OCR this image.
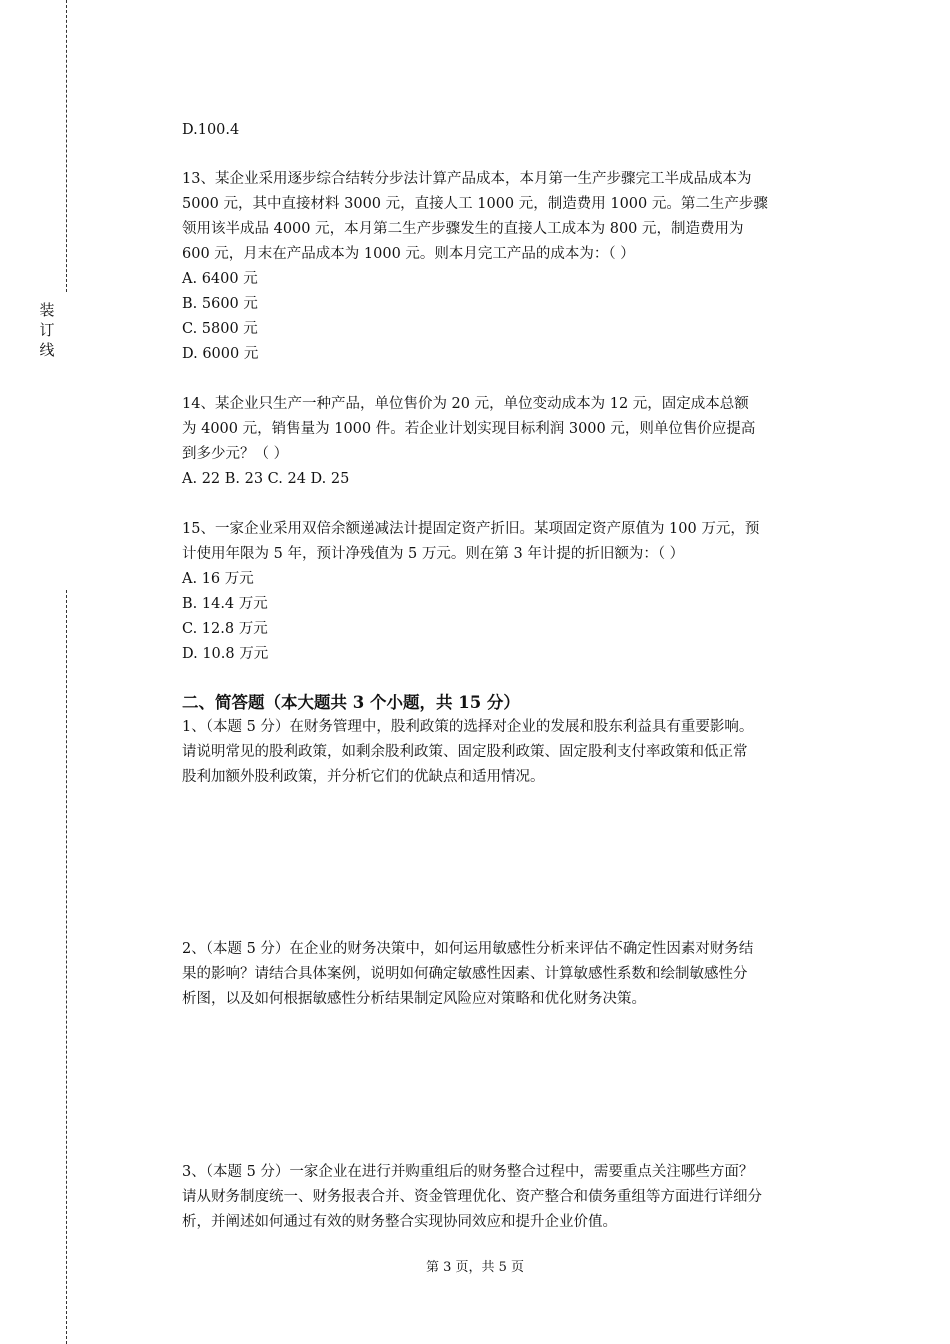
装
订
线
D.100.4
13、某企业采用逐步综合结转分步法计算产品成本，本月第一生产步骤完工半成品成本为
5000 元，其中直接材料 3000 元，直接人工 1000 元，制造费用 1000 元。第二生产步骤
领用该半成品 4000 元，本月第二生产步骤发生的直接人工成本为 800 元，制造费用为
600 元，月末在产品成本为 1000 元。则本月完工产品的成本为：（ ）
A. 6400 元
B. 5600 元
C. 5800 元
D. 6000 元
14、某企业只生产一种产品，单位售价为 20 元，单位变动成本为 12 元，固定成本总额
为 4000 元，销售量为 1000 件。若企业计划实现目标利润 3000 元，则单位售价应提高
到多少元？（ ）
A. 22 B. 23 C. 24 D. 25
15、一家企业采用双倍余额递减法计提固定资产折旧。某项固定资产原值为 100 万元，预
计使用年限为 5 年，预计净残值为 5 万元。则在第 3 年计提的折旧额为：（ ）
A. 16 万元
B. 14.4 万元
C. 12.8 万元
D. 10.8 万元
二、简答题（本大题共 3 个小题，共 15 分）
1、（本题 5 分）在财务管理中，股利政策的选择对企业的发展和股东利益具有重要影响。
请说明常见的股利政策，如剩余股利政策、固定股利政策、固定股利支付率政策和低正常
股利加额外股利政策，并分析它们的优缺点和适用情况。
2、（本题 5 分）在企业的财务决策中，如何运用敏感性分析来评估不确定性因素对财务结
果的影响？请结合具体案例，说明如何确定敏感性因素、计算敏感性系数和绘制敏感性分
析图，以及如何根据敏感性分析结果制定风险应对策略和优化财务决策。
3、（本题 5 分）一家企业在进行并购重组后的财务整合过程中，需要重点关注哪些方面？
请从财务制度统一、财务报表合并、资金管理优化、资产整合和债务重组等方面进行详细分
析，并阐述如何通过有效的财务整合实现协同效应和提升企业价值。
第 3 页，共 5 页
